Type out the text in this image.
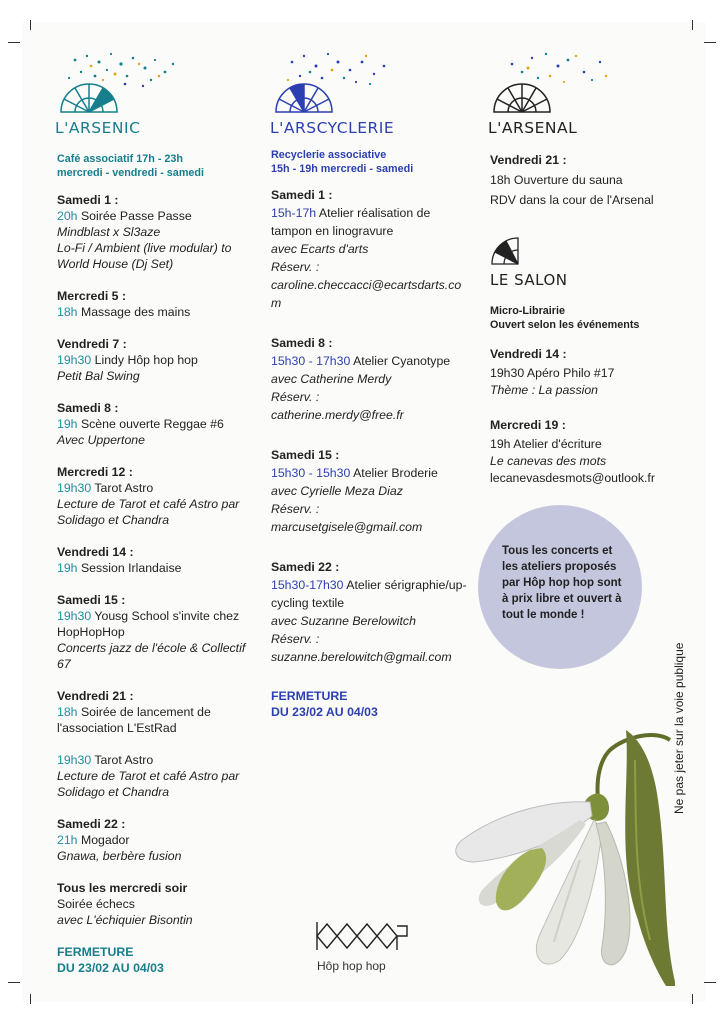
L'ARSENIC	L'ARSCYCLERIE	L'ARSENAL
Café associatif 17h - 23h
mercredi - vendredi - samedi
Samedi 1 :
20h Soirée Passe Passe
Mindblast x Sl3aze
Lo-Fi / Ambient (live modular) to World House (Dj Set)
Mercredi 5 :
18h Massage des mains
Vendredi 7 :
19h30 Lindy Hôp hop hop
Petit Bal Swing
Samedi 8 :
19h Scène ouverte Reggae #6
Avec Uppertone
Mercredi 12 :
19h30 Tarot Astro
Lecture de Tarot et café Astro par Solidago et Chandra
Vendredi 14 :
19h Session Irlandaise
Samedi 15 :
19h30 Yousg School s'invite chez HopHopHop
Concerts jazz de l'école & Collectif 67
Vendredi 21 :
18h Soirée de lancement de l'association L'EstRad
19h30 Tarot Astro
Lecture de Tarot et café Astro par Solidago et Chandra
Samedi 22 :
21h Mogador
Gnawa, berbère fusion
Tous les mercredi soir
Soirée échecs
avec L'échiquier Bisontin
FERMETURE
DU 23/02 AU 04/03
Recyclerie associative
15h - 19h mercredi - samedi
Samedi 1 :
15h-17h Atelier réalisation de tampon en linogravure
avec Ecarts d'arts
Réserv. :
caroline.checcacci@ecartsdarts.com
Samedi 8 :
15h30 - 17h30 Atelier Cyanotype
avec Catherine Merdy
Réserv. :
catherine.merdy@free.fr
Samedi 15 :
15h30 - 15h30 Atelier Broderie
avec Cyrielle Meza Diaz
Réserv. :
marcusetgisele@gmail.com
Samedi 22 :
15h30-17h30 Atelier sérigraphie/up-cycling textile
avec Suzanne Berelowitch
Réserv. :
suzanne.berelowitch@gmail.com
FERMETURE
DU 23/02 AU 04/03
Vendredi 21 :
18h Ouverture du sauna
RDV dans la cour de l'Arsenal
LE SALON
Micro-Librairie
Ouvert selon les événements
Vendredi 14 :
19h30 Apéro Philo #17
Thème : La passion
Mercredi 19 :
19h Atelier d'écriture
Le canevas des mots
lecanevasdesmots@outlook.fr
Tous les concerts et les ateliers proposés par Hôp hop hop sont à prix libre et ouvert à tout le monde !
Ne pas jeter sur la voie publique
Hôp hop hop
